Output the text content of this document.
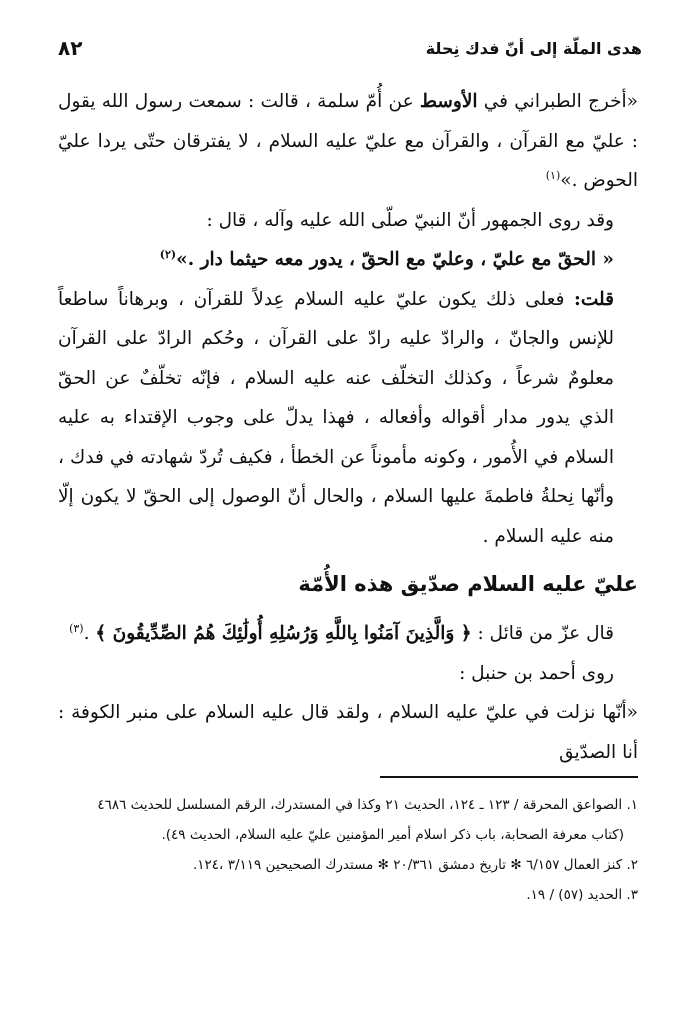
هدى الملّة إلى أنّ فدك نِحلة
٨٢

«أخرج الطبراني في الأوسط عن أُمّ سلمة ، قالت : سمعت رسول الله يقول : عليّ مع القرآن ، والقرآن مع عليّ عليه السلام ، لا يفترقان حتّى يردا عليّ الحوض .»$^{(١)}$

وقد روى الجمهور أنّ النبيّ صلّى الله عليه وآله ، قال :

« الحقّ مع عليّ ، وعليّ مع الحقّ ، يدور معه حيثما دار .»$^{(٢)}$

قلت: فعلى ذلك يكون عليّ عليه السلام عِدلاً للقرآن ، وبرهاناً ساطعاً للإنس والجانّ ، والرادّ عليه رادّ على القرآن ، وحُكم الرادّ على القرآن معلومٌ شرعاً ، وكذلك التخلّف عنه عليه السلام ، فإنّه تخلّفٌ عن الحقّ الذي يدور مدار أقواله وأفعاله ، فهذا يدلّ على وجوب الإقتداء به عليه السلام في الأُمور ، وكونه مأموناً عن الخطأ ، فكيف تُردّ شهادته في فدك ، وأنّها نِحلةُ فاطمةَ عليها السلام ، والحال أنّ الوصول إلى الحقّ لا يكون إلّا منه عليه السلام .

عليّ عليه السلام صدّيق هذه الأُمّة

قال عزّ من قائل : ﴿ وَالَّذِينَ آمَنُوا بِاللَّهِ وَرُسُلِهِ أُولَٰئِكَ هُمُ الصِّدِّيقُونَ ﴾ .$^{(٣)}$

روى أحمد بن حنبل :

«أنّها نزلت في عليّ عليه السلام ، ولقد قال عليه السلام على منبر الكوفة : أنا الصدّيق

١. الصواعق المحرقة / ١٢٣ ـ ١٢٤، الحديث ٢١ وكذا في المستدرك، الرقم المسلسل للحديث ٤٦٨٦

(كتاب معرفة الصحابة، باب ذكر اسلام أمير المؤمنين عليّ عليه السلام، الحديث ٤٩).

٢. كنز العمال ٦/١٥٧ ✻ تاريخ دمشق ٢٠/٣٦١ ✻ مستدرك الصحيحين ٣/١١٩ ،١٢٤.

٣. الحديد (٥٧) / ١٩.
